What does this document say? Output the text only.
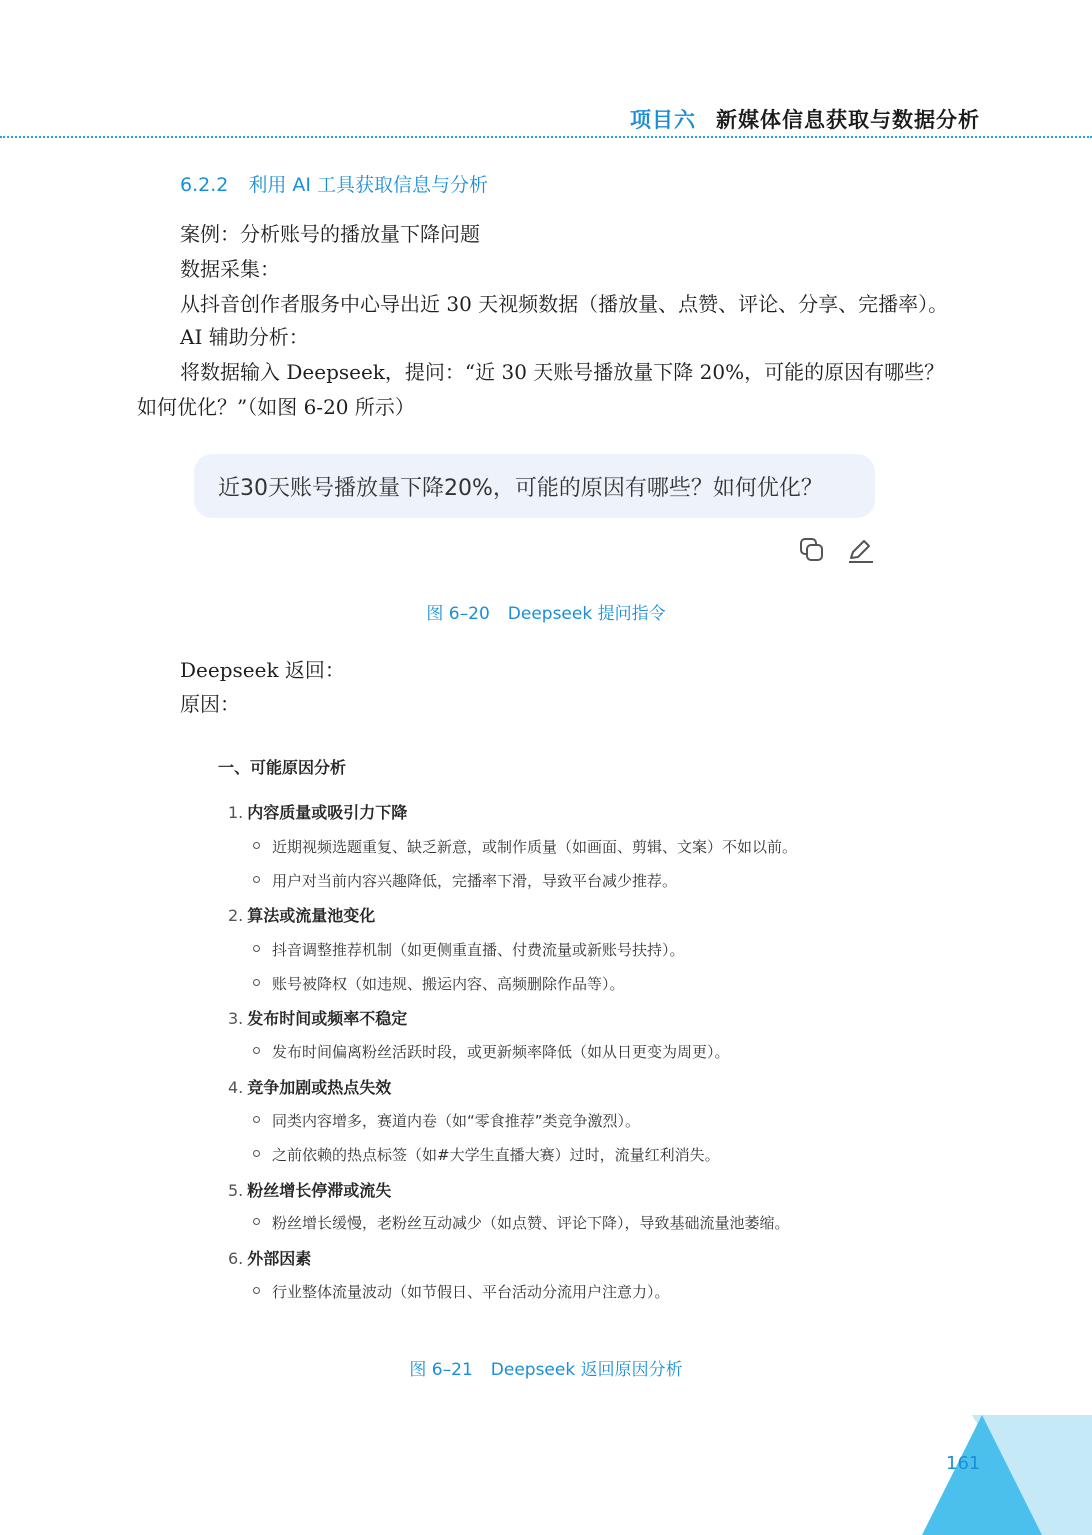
项目六 新媒体信息获取与数据分析
6.2.2 利用 AI 工具获取信息与分析
案例：分析账号的播放量下降问题
数据采集：
从抖音创作者服务中心导出近 30 天视频数据（播放量、点赞、评论、分享、完播率）。
AI 辅助分析：
将数据输入 Deepseek，提问：“近 30 天账号播放量下降 20%，可能的原因有哪些？
如何优化？”（如图 6-20 所示）
近30天账号播放量下降20%，可能的原因有哪些？如何优化？
图 6–20 Deepseek 提问指令
Deepseek 返回：
原因：
一、可能原因分析
1. 内容质量或吸引力下降
近期视频选题重复、缺乏新意，或制作质量（如画面、剪辑、文案）不如以前。
用户对当前内容兴趣降低，完播率下滑，导致平台减少推荐。
2. 算法或流量池变化
抖音调整推荐机制（如更侧重直播、付费流量或新账号扶持）。
账号被降权（如违规、搬运内容、高频删除作品等）。
3. 发布时间或频率不稳定
发布时间偏离粉丝活跃时段，或更新频率降低（如从日更变为周更）。
4. 竞争加剧或热点失效
同类内容增多，赛道内卷（如“零食推荐”类竞争激烈）。
之前依赖的热点标签（如#大学生直播大赛）过时，流量红利消失。
5. 粉丝增长停滞或流失
粉丝增长缓慢，老粉丝互动减少（如点赞、评论下降），导致基础流量池萎缩。
6. 外部因素
行业整体流量波动（如节假日、平台活动分流用户注意力）。
图 6–21 Deepseek 返回原因分析
161
